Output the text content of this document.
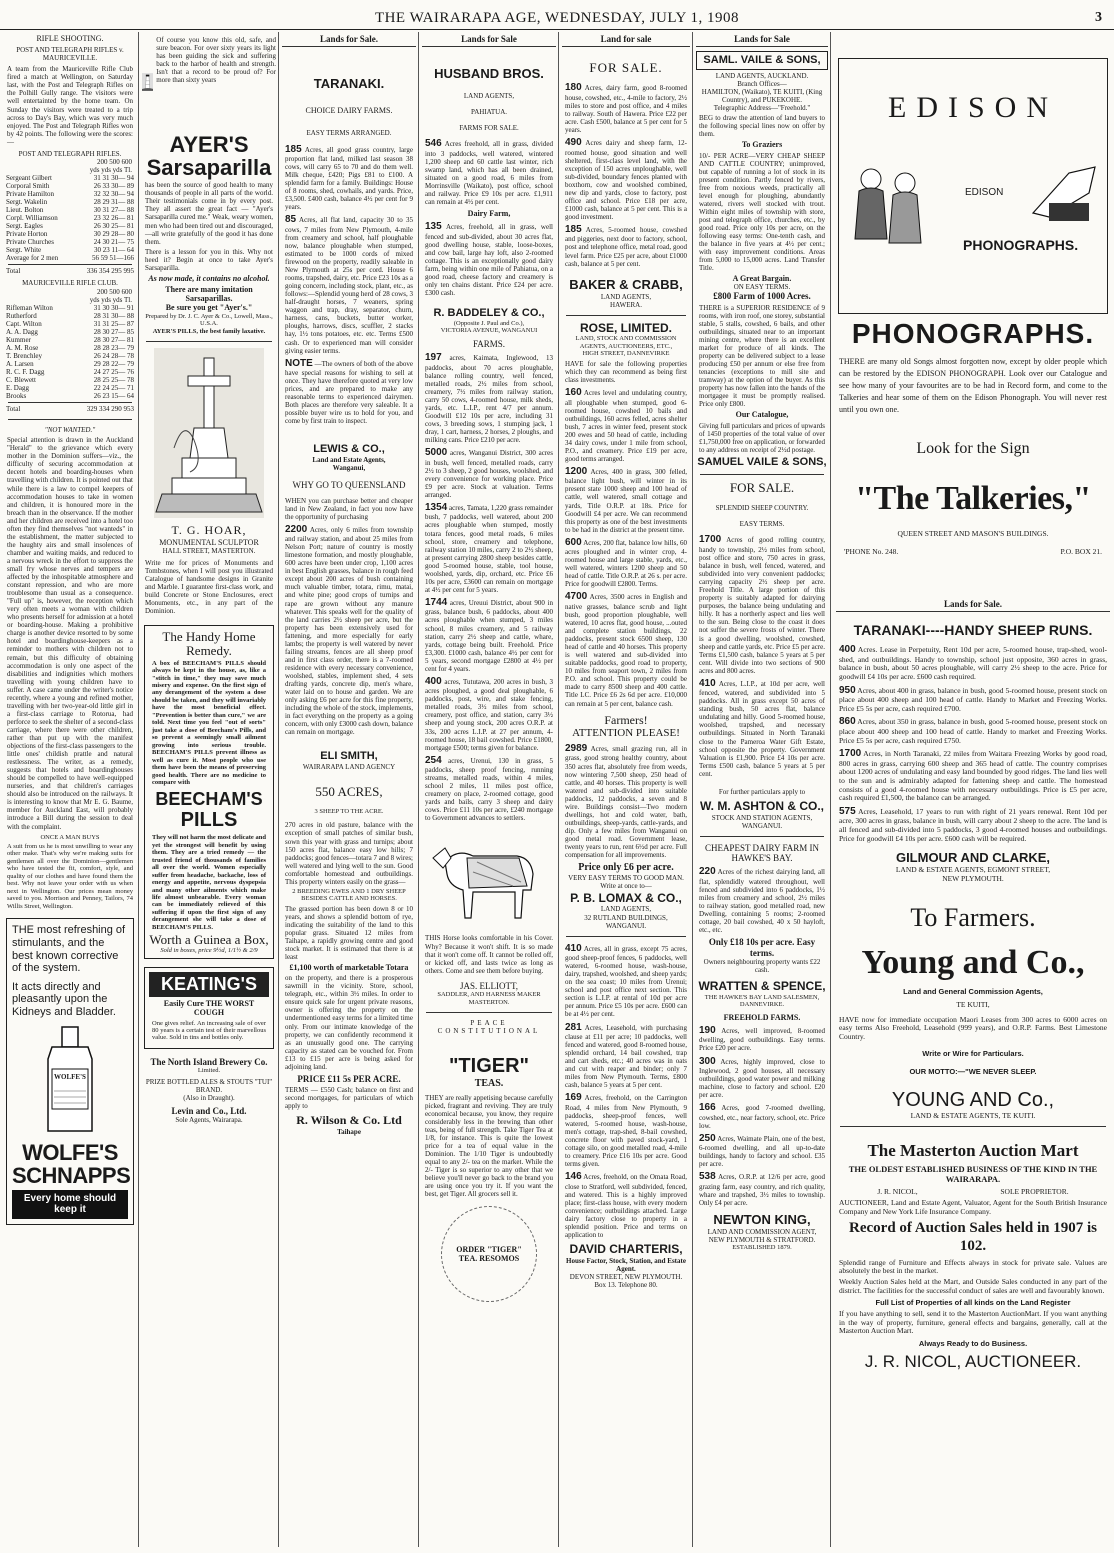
THE WAIRARAPA AGE, WEDNESDAY, JULY 1, 1908	3
RIFLE SHOOTING.
POST AND TELEGRAPH RIFLES v. MAURICEVILLE.

A team from the Mauriceville Rifle Club fired a match at Wellington, on Saturday last, with the Post and Telegraph Rifles on the Polhill Gully range. The visitors were well entertainted by the home team. On Sunday the visitors were treated to a trip across to Day's Bay, which was very much enjoyed. The Post and Telegraph Rifles won by 42 points. The following were the scores:—

POST AND TELEGRAPH RIFLES.
200 500 600
yds yds yds Tl.
Sergeant Gilbert	31 31 30— 94
Corporal Smith	26 33 30— 89
Private Hamilton	32 32 30— 94
Sergt. Wakelin	28 29 31— 88
Lieut. Bolton	30 31 27— 88
Corpl. Williamson	23 32 26— 81
Sergt. Eagles	26 30 25— 81
Private Horton	30 29 28— 80
Private Churches	24 30 21— 75
Sergt. White	30 23 11— 64
Average for 2 men	56 59 51—166
Total	336 354 295 995
MAURICEVILLE RIFLE CLUB.
200 500 600
yds yds yds Tl.
Rifleman Wilton	31 30 30— 91
Rutherford	28 31 30— 88
Capt. Wilton	31 31 25— 87
A. A. Dagg	28 30 27— 85
Kummer	28 30 27— 81
A. M. Rose	28 28 23— 79
T. Brenchley	26 24 28— 78
A. Larsen	29 28 22— 79
R. C. F. Dagg	24 27 25— 76
C. Blewett	28 25 25— 78
E. Dagg	22 24 25— 71
Brooks	26 23 15— 64
Total	329 334 290 953
"NOT WANTED."

Special attention is drawn in the Auckland "Herald" to the grievance which every mother in the Dominion suffers—viz., the difficulty of securing accommodation at decent hotels and boarding-houses when travelling with children. It is pointed out that while there is a law to compel keepers of accommodation houses to take in women and children, it is honoured more in the breach than in the observance. If the mother and her children are received into a hotel too often they find themselves "not wanteds" in the establishment, the matter subjected to the haughty airs and small insolences of chamber and waiting maids, and reduced to a nervous wreck in the effort to suppress the small fry whose nerves and tempers are affected by the inhospitable atmosphere and constant repression, and who are more troublesome than usual as a consequence. "Full up" is, however, the reception which very often meets a woman with children who presents herself for admission at a hotel or boarding-house. Making a prohibitive charge is another device resorted to by some hotel and boardinghouse-keepers as a reminder to mothers with children not to remain, but this difficulty of obtaining accommodation is only one aspect of the disabilities and indignities which mothers travelling with young children have to suffer. A case came under the writer's notice recently, where a young and refined mother, travelling with her two-year-old little girl in a first-class carriage to Rotorua, had perforce to seek the shelter of a second-class carriage, where there were other children, rather than put up with the manifest objections of the first-class passengers to the little ones' childish prattle and natural restlessness. The writer, as a remedy, suggests that hotels and boardinghouses should be compelled to have well-equipped nurseries, and that children's carriages should also be introduced on the railways. It is interesting to know that Mr E. G. Baume, member for Auckland East, will probably introduce a Bill during the session to deal with the complaint.

ONCE A MAN BUYS

A suit from us he is most unwilling to wear any other make. That's why we're making suits for gentlemen all over the Dominion—gentlemen who have tested the fit, comfort, style, and quality of our clothes and have found them the best. Why not leave your order with us when next in Wellington. Our prices mean money saved to you. Morrison and Penney, Tailors, 74 Willis Street, Wellington.

THE most refreshing of stimulants, and the best known corrective of the system.
It acts directly and pleasantly upon the Kidneys and Bladder.
WOLFE'S
WOLFE'S SCHNAPPS
Every home should keep it
Of course you know this old, safe, and sure beacon. For over sixty years its light has been guiding the sick and suffering back to the harbor of health and strength. Isn't that a record to be proud of? For more than sixty years
AYER'S
Sarsaparilla

has been the source of good health to many thousands of people in all parts of the world. Their testimonials come in by every post. They all assert the great fact — "Ayer's Sarsaparilla cured me." Weak, weary women, men who had been tired out and discouraged,—all write gratefully of the good it has done them.

There is a lesson for you in this. Why not heed it? Begin at once to take Ayer's Sarsaparilla.

As now made, it contains no alcohol.
There are many imitation Sarsaparillas.
Be sure you get "Ayer's."
Prepared by Dr. J. C. Ayer & Co., Lowell, Mass., U.S.A.
AYER'S PILLS, the best family laxative.
T. G. HOAR,
MONUMENTAL SCULPTOR
HALL STREET, MASTERTON.

Write me for prices of Monuments and Tombstones, when I will post you illustrated Catalogue of handsome designs in Granite and Marble. I guarantee first-class work, and build Concrete or Stone Enclosures, erect Monuments, etc., in any part of the Dominion.

The Handy Home Remedy.

A box of BEECHAM'S PILLS should always be kept in the house, as, like a "stitch in time," they may save much misery and expense. On the first sign of any derangement of the system a dose should be taken, and they will invariably have the most beneficial effect. "Prevention is better than cure," we are told. Next time you feel "out of sorts" just take a dose of Beecham's Pills, and so prevent a seemingly small ailment growing into serious trouble. BEECHAM'S PILLS prevent illness as well as cure it. Most people who use them have been the means of preserving good health. There are no medicine to compare with

BEECHAM'S
PILLS

They will not harm the most delicate and yet the strongest will benefit by using them. They are a tried remedy — the trusted friend of thousands of families all over the world. Women especially suffer from headache, backache, loss of energy and appetite, nervous dyspepsia and many other ailments which make life almost unbearable. Every woman can be immediately relieved of this suffering if upon the first sign of any derangement she will take a dose of BEECHAM'S PILLS.

Worth a Guinea a Box,
Sold in boxes, price 9½d, 1/1½ & 2/9
KEATING'S
Easily Cure THE WORST COUGH

One gives relief. An increasing sale of over 80 years is a certain test of their marvellous value. Sold in tins and bottles only.

The North Island Brewery Co.
Limited.
PRIZE BOTTLED ALES & STOUTS "TUI" BRAND.
(Also in Draught).
Levin and Co., Ltd.
Sole Agents, Wairarapa.
Lands for Sale.
TARANAKI.
CHOICE DAIRY FARMS.
EASY TERMS ARRANGED.
185 Acres, all good grass country, large proportion flat land, milked last season 38 cows, will carry 65 to 70 and do them well. Milk cheque, £420; Pigs £81 to £100. A splendid farm for a family. Buildings: House of 8 rooms, shed, cowhails, and yards. Price, £3,500. £400 cash, balance 4½ per cent for 9 years.
85 Acres, all flat land, capacity 30 to 35 cows, 7 miles from New Plymouth, 4-mile from creamery and school, half ploughable now, balance ploughable when stumped, estimated to be 1000 cords of mixed firewood on the property, readily saleable in New Plymouth at 25s per cord. House 6 rooms, trapshed, dairy, etc. Price £23 10s as a going concern, including stock, plant, etc., as follows:—Splendid young herd of 28 cows, 3 half-draught horses, 7 weaners, spring waggon and trap, dray, separator, churn, harness, cans, buckets, butter worker, ploughs, harrows, discs, scuffler, 2 stacks hay, 1½ tons potatoes, etc. etc. Terms £500 cash. Or to experienced man will consider giving easier terms.
NOTE —The owners of both of the above have special reasons for wishing to sell at once. They have therefore quoted at very low prices, and are prepared to make any reasonable terms to experienced dairymen. Both places are therefore very saleable. It a possible buyer wire us to hold for you, and come by first train to inspect.
LEWIS & CO.,
Land and Estate Agents,
Wanganui,
WHY GO TO QUEENSLAND

WHEN you can purchase better and cheaper land in New Zealand, in fact you now have the opportunity of purchasing

2200 Acres, only 6 miles from township and railway station, and about 25 miles from Nelson Port; nature of country is mostly limestone formation, and mostly ploughable, 600 acres have been under crop, 1,100 acres in best English grasses, balance in rough feed except about 200 acres of bush containing much valuable timber, totara, rimu, matai, and white pine; good crops of turnips and rape are grown without any manure whatever. This speaks well for the quality of the land carries 2½ sheep per acre, but the property has been extensively used for fattening, and more especially for early lambs; the property is well watered by never failing streams, fences are all sheep proof and in first class order, there is a 7-roomed residence with every necessary convenience, woolshed, stables, implement shed, 4 sets drafting yards, concrete dip, men's whare, water laid on to house and garden. We are only asking £6 per acre for this fine property, including the whole of the stock, implements, in fact everything on the property as a going concern, with only £3000 cash down, balance can remain on mortgage.
ELI SMITH,
WAIRARAPA LAND AGENCY
550 ACRES,
3 SHEEP TO THE ACRE.

270 acres in old pasture, balance with the exception of small patches of similar bush, sown this year with grass and turnips; about 150 acres flat, balance easy low hills; 7 paddocks; good fences—totara 7 and 8 wires; well watered and lying well to the sun. Good comfortable homestead and outbuildings. This property winters easily on the grass—

2 BREEDING EWES AND 1 DRY SHEEP BESIDES CATTLE AND HORSES.

The grassed portion has been down 8 or 10 years, and shows a splendid bottom of rye, indicating the suitability of the land to this popular grass. Situated 12 miles from Taihape, a rapidly growing centre and good stock market. It is estimated that there is at least

£1,100 worth of marketable Totara

on the property, and there is a prosperous sawmill in the vicinity. Store, school, telegraph, etc., within 3½ miles. In order to ensure quick sale for urgent private reasons, owner is offering the property on the undermentioned easy terms for a limited time only. From our intimate knowledge of the property, we can confidently recommend it as an unusually good one. The carrying capacity as stated can be vouched for. From £13 to £15 per acre is being asked for adjoining land.

PRICE £11 5s PER ACRE.

TERMS — £550 Cash; balance on first and second mortgages, for particulars of which apply to

R. Wilson & Co. Ltd
Taihape
Lands for Sale
HUSBAND BROS.
LAND AGENTS,
PAHIATUA.
FARMS FOR SALE.
546 Acres freehold, all in grass, divided into 3 paddocks, well watered, wintered 1,200 sheep and 60 cattle last winter, rich swamp land, which has all been drained, situated on a good road, 6 miles from Morrinsville (Waikato), post office, school and railway. Price £9 10s per acre. £1,911 can remain at 4½ per cent.
Dairy Farm,
135 Acres, freehold, all in grass, well fenced and sub-divided, about 30 acres flat, good dwelling house, stable, loose-boxes, and cow bail, large hay loft, also 2-roomed cottage. This is an exceptionally good dairy farm, being within one mile of Pahiatua, on a good road, cheese factory and creamery is only ten chains distant. Price £24 per acre. £300 cash.
R. BADDELEY & CO.,
(Opposite J. Paul and Co.),
VICTORIA AVENUE, WANGANUI
FARMS.
197 acres, Kaimata, Inglewood, 13 paddocks, about 70 acres ploughable, balance rolling country, well fenced, metalled roads, 2½ miles from school, creamery, 7½ miles from railway station, carry 50 cows, 4-roomed house, milk sheds, yards, etc. L.I.P., rent 4/7 per annum. Goodwill £12 10s per acre, including 31 cows, 3 breeding sows, 1 stumping jack, 1 dray, 1 cart, harness, 2 horses, 2 ploughs, and milking cans. Price £210 per acre.
5000 acres, Wanganui District, 300 acres in bush, well fenced, metalled roads, carry 2½ to 3 sheep, 2 good houses, woolshed, and every convenience for working place. Price £9 per acre. Stock at valuation. Terms arranged.
1354 acres, Tamata, 1,220 grass remainder bush, 7 paddocks, well watered, about 200 acres ploughable when stumped, mostly totara fences, good metal roads, 6 miles school, store, creamery and telephone, railway station 10 miles, carry 2 to 2½ sheep, at present carrying 2800 sheep besides cattle, good 5-roomed house, stable, tool house, woolshed, yards, dip, orchard, etc. Price £6 10s per acre, £3600 can remain on mortgage at 4½ per cent for 5 years.
1744 acres, Ureuui District, about 900 in grass, balance bush, 6 paddocks, about 400 acres ploughable when stumped, 3 miles school, 8 miles creamery, and 5 railway station, carry 2½ sheep and cattle, whare, yards, cottage being built. Freehold. Price £3,300. £1000 cash, balance 4½ per cent for 5 years, second mortgage £2800 at 4½ per cent for 4 years.
400 acres, Tututawa, 200 acres in bush, 3 acres ploughed, a good deal ploughable, 6 paddocks, post, wire, and stake fencing, metalled roads, 3½ miles from school, creamery, post office, and station, carry 3½ sheep and young stock, 200 acres O.R.P. at 33s, 200 acres L.I.P. at 27 per annum, 4-roomed house, 18 bail cowshed. Price £1800, mortgage £500; terms given for balance.
254 acres, Urenui, 130 in grass, 5 paddocks, sheep proof fencing, running streams, metalled roads, within 4 miles, school 2 miles, 11 miles post office, creamery on place, 2-roomed cottage, good yards and bails, carry 3 sheep and dairy cows. Price £11 10s per acre, £240 mortgage to Government advances to settlers.

THIS Horse looks comfortable in his Cover. Why? Because it won't shift. It is so made that it won't come off. It cannot be rolled off, or kicked off, and lasts twice as long as others. Come and see them before buying.

JAS. ELLIOTT,
SADDLER, AND HARNESS MAKER
MASTERTON.
PEACE CONSTITUTIONAL
"TIGER"
TEAS.

THEY are really appetising because carefully picked, fragrant and reviving. They are truly economical because, you know, they require considerably less in the brewing than other teas, being of full strength. Take Tiger Tea at 1/8, for instance. This is quite the lowest price for a tea of equal value in the Dominion. The 1/10 Tiger is undoubtedly equal to any 2/- tea on the market. While the 2/- Tiger is so superior to any other that we believe you'll never go back to the brand you are using once you try it. If you want the best, get Tiger. All grocers sell it.

ORDER "TIGER" TEA. RESOMOS
Land for sale
FOR SALE.
180 Acres, dairy farm, good 8-roomed house, cowshed, etc., 4-mile to factory, 2½ miles to store and post office, and 4 miles to railway. South of Hawera. Price £22 per acre. Cash £500, balance at 5 per cent for 5 years.
490 Acres dairy and sheep farm, 12-roomed house, good situation and well sheltered, first-class level land, with the exception of 150 acres unploughable, well sub-divided, boundary fences planted with boxthorn, cow and woolshed combined, new dip and yards, close to factory, post office and school. Price £18 per acre, £1000 cash, balance at 5 per cent. This is a good investment.
185 Acres, 5-roomed house, cowshed and piggeries, next door to factory, school, post and telephone office, metal road, good level farm. Price £25 per acre, about £1000 cash, balance at 5 per cent.
BAKER & CRABB,
LAND AGENTS,
HAWERA.
ROSE, LIMITED.
LAND, STOCK AND COMMISSION AGENTS, AUCTIONEERS, ETC.,
HIGH STREET, DANNEVIRKE

HAVE for sale the following properties which they can recommend as being first class investments.

160 Acres level and undulating country, all ploughable when stumped, good 6-roomed house, cowshed 10 bails and outbuildings, 160 acres felled, acres shelter bush, 7 acres in winter feed, present stock 200 ewes and 50 head of cattle, including 34 dairy cows, under 1 mile from school, P.O., and creamery. Price £19 per acre, good terms arranged.
1200 Acres, 400 in grass, 300 felled, balance light bush, will winter in its present state 1000 sheep and 100 head of cattle, well watered, small cottage and yards, Title O.R.P. at 18s. Price for Goodwill £4 per acre. We can recommend this property as one of the best investments to be had in the district at the present time.
600 Acres, 200 flat, balance low hills, 60 acres ploughed and in winter crop, 4-roomed house and large stable, yards, etc., well watered, winters 1200 sheep and 50 head of cattle. Title O.R.P. at 26 s. per acre. Price for goodwill £2800. Terms.
4700 Acres, 3500 acres in English and native grasses, balance scrub and light bush, good proportion ploughable, well watered, 10 acres flat, good house, ...outed and complete station buildings, 22 paddocks, present stock 6500 sheep, 130 head of cattle and 40 horses. This property is well watered and sub-divided into suitable paddocks, good road to property, 10 miles from seaport town, 2 miles from P.O. and school. This property could be made to carry 8500 sheep and 400 cattle. Title LC. Price £6 2s 6d per acre. £10,000 can remain at 5 per cent, balance cash.
Farmers!
ATTENTION PLEASE!
2989 Acres, small grazing run, all in grass, good strong healthy country, about 350 acres flat, absolutely free from weeds, now wintering 7,500 sheep, 250 head of cattle, and 40 horses. This property is well watered and sub-divided into suitable paddocks, 12 paddocks, a seven and 8 wire. Buildings consist—Two modern dwellings, hot and cold water, bath, outbuildings, sheep-yards, cattle-yards, and dip. Only a few miles from Wanganui on good metal road. Government lease, twenty years to run, rent 6½d per acre. Full compensation for all improvements.
Price only £6 per acre.
VERY EASY TERMS TO GOOD MAN.
Write at once to—
P. B. LOMAX & CO.,
LAND AGENTS,
32 RUTLAND BUILDINGS,
WANGANUI.
410 Acres, all in grass, except 75 acres, good sheep-proof fences, 6 paddocks, well watered, 6-roomed house, wash-house, dairy, trapshed, woolshed, and sheep yards; on the sea coast; 10 miles from Urenui; school and post office next section. This section is L.I.P. at rental of 10d per acre per annum. Price £5 10s per acre. £600 can be at 4½ per cent.
281 Acres, Leasehold, with purchasing clause at £11 per acre; 10 paddocks, well fenced and watered, good 8-roomed house, splendid orchard, 14 bail cowshed, trap and cart sheds, etc.; 40 acres was in oats and cut with reaper and binder; only 7 miles from New Plymouth. Terms, £800 cash, balance 5 years at 5 per cent.
169 Acres, freehold, on the Carrington Road, 4 miles from New Plymouth, 9 paddocks, sheep-proof fences, well watered, 5-roomed house, wash-house, men's cottage, trap-shed, 8-bail cowshed, concrete floor with paved stock-yard, 1 cottage silo, on good metalled road, 4-mile to creamery. Price £16 10s per acre. Good terms given.
146 Acres, freehold, on the Omata Road, close to Stratford, well subdivided, fenced, and watered. This is a highly improved place; first-class house, with every modern convenience; outbuildings attached. Large dairy factory close to property in a splendid position. Price and terms on application to
DAVID CHARTERIS,
House Factor, Stock, Station, and Estate Agent.
DEVON STREET, NEW PLYMOUTH.
Box 13. Telephone 80.
Lands for Sale
SAML. VAILE & SONS,
LAND AGENTS, AUCKLAND.
Branch Offices—
HAMILTON, (Waikato), TE KUITI, (King Country), and PUKEKOHE.
Telegraphic Address—"Freehold."

BEG to draw the attention of land buyers to the following special lines now on offer by them.

To Graziers

10/- PER ACRE—VERY CHEAP SHEEP AND CATTLE COUNTRY; unimproved, but capable of running a lot of stock in its present condition. Partly fenced by rivers, free from noxious weeds, practically all level enough for ploughing, abundantly watered, rivers well stocked with trout. Within eight miles of township with store, post and telegraph office, churches, etc., by good road. Price only 10s per acre, on the following easy terms: One-tenth cash, and the balance in five years at 4½ per cent.; with easy improvement conditions. Areas from 5,000 to 15,000 acres. Land Transfer Title.

A Great Bargain.
ON EASY TERMS.
£800 Farm of 1000 Acres.

THERE is a SUPERIOR RESIDENCE of 9 rooms, with iron roof, one storey, substantial stable, 5 stalls, cowshed, 6 bails, and other outbuildings, situated near to an important mining centre, where there is an excellent market for produce of all kinds. The property can be delivered subject to a lease producing £50 per annum or else free from tenancies (exceptions to mill site and tramway) at the option of the buyer. As this property has now fallen into the hands of the mortgagee it must be promptly realised. Price only £800.

Our Catalogue,

Giving full particulars and prices of upwards of 1450 properties of the total value of over £1,750,000 free on application, or forwarded to any address on receipt of 2½d postage.

SAMUEL VAILE & SONS,
FOR SALE.
SPLENDID SHEEP COUNTRY.
EASY TERMS.
1700 Acres of good rolling country, handy to township, 2½ miles from school, post office and store, 750 acres in grass, balance in bush, well fenced, watered, and subdivided into very convenient paddocks; carrying capacity 2½ sheep per acre. Freehold Title. A large portion of this property is suitably adapted for dairying purposes, the balance being undulating and hilly. It has a northerly aspect and lies well to the sun. Being close to the coast it does not suffer the severe frosts of winter. There is a good dwelling, woolshed, cowshed, sheep and cattle yards, etc. Price £5 per acre. Terms £1,500 cash, balance 5 years at 5 per cent. Will divide into two sections of 900 acres and 800 acres.
410 Acres, L.I.P., at 10d per acre, well fenced, watered, and subdivided into 5 paddocks. All in grass except 50 acres of standing bush, 50 acres flat, balance undulating and hilly. Good 5-roomed house, woolshed, trapshed, and necessary outbuildings. Situated in North Taranaki close to the Pameroa Water Gift Estate, school opposite the property. Government Valuation is £1,900. Price £4 10s per acre. Terms £500 cash, balance 5 years at 5 per cent.
For further particulars apply to
W. M. ASHTON & CO.,
STOCK AND STATION AGENTS,
WANGANUI.
CHEAPEST DAIRY FARM IN HAWKE'S BAY.
220 Acres of the richest dairying land, all flat, splendidly watered throughout, well fenced and subdivided into 6 paddocks, 1½ miles from creamery and school, 2½ miles to railway station, good metalled road, new Dwelling, containing 5 rooms; 2-roomed cottage, 20 bail cowshed, 40 x 50 hayloft, etc., etc.
Only £18 10s per acre. Easy terms.
Owners neighbouring property wants £22 cash.
WRATTEN & SPENCE,
THE HAWKE'S BAY LAND SALESMEN, DANNEVIRKE.
FREEHOLD FARMS.
190 Acres, well improved, 8-roomed dwelling, good outbuildings. Easy terms. Price £20 per acre.
300 Acres, highly improved, close to Inglewood, 2 good houses, all necessary outbuildings, good water power and milking machine, close to factory and school. £20 per acre.
166 Acres, good 7-roomed dwelling, cowshed, etc., near factory, school, etc. Price low.
250 Acres, Waimate Plain, one of the best, 6-roomed dwelling, and all up-to-date buildings, handy to factory and school. £35 per acre.
538 Acres, O.R.P. at 12/6 per acre, good grazing farm, easy country, and rich quality, whare and trapshed, 3½ miles to township. Only £4 per acre.
NEWTON KING,
LAND AND COMMISSION AGENT,
NEW PLYMOUTH & STRATFORD.
ESTABLISHED 1879.
EDISON
EDISON
PHONOGRAPHS.
PHONOGRAPHS.

THERE are many old Songs almost forgotten now, except by older people which can be restored by the EDISON PHONOGRAPH. Look over our Catalogue and see how many of your favourites are to be had in Record form, and come to the Talkeries and hear some of them on the Edison Phonograph. You will never rest until you own one.

Look for the Sign
"The Talkeries,"
QUEEN STREET AND MASON'S BUILDINGS.
'PHONE No. 248.	P.O. BOX 21.
Lands for Sale.
TARANAKI----HANDY SHEEP RUNS.
400 Acres. Lease in Perpetuity, Rent 10d per acre, 5-roomed house, trap-shed, wool-shed, and outbuildings. Handy to township, school just opposite, 360 acres in grass, balance in bush, about 50 acres ploughable, will carry 2½ sheep to the acre. Price for goodwill £4 10s per acre. £600 cash required.
950 Acres, about 400 in grass, balance in bush, good 5-roomed house, present stock on place about 400 sheep and 100 head of cattle. Handy to Market and Freezing Works. Price £5 5s per acre, cash required £700.
860 Acres, about 350 in grass, balance in bush, good 5-roomed house, present stock on place about 400 sheep and 100 head of cattle. Handy to market and Freezing Works. Price £5 5s per acre, cash required £750.
1700 Acres, in North Taranaki, 22 miles from Waitara Freezing Works by good road, 800 acres in grass, carrying 600 sheep and 365 head of cattle. The country comprises about 1200 acres of undulating and easy land bounded by good ridges. The land lies well to the sun and is admirably adapted for fattening sheep and cattle. The homestead consists of a good 4-roomed house with necessary outbuildings. Price is £5 per acre, cash required £1,500, the balance can be arranged.
575 Acres, Leasehold, 17 years to run with right of 21 years renewal. Rent 10d per acre, 300 acres in grass, balance in bush, will carry about 2 sheep to the acre. The land is all fenced and sub-divided into 5 paddocks, 3 good 4-roomed houses and outbuildings. Price for goodwill £4 10s per acre. £600 cash will be required.
GILMOUR AND CLARKE,
LAND & ESTATE AGENTS, EGMONT STREET,
NEW PLYMOUTH.
To Farmers.
Young and Co.,
Land and General Commission Agents,
TE KUITI,

HAVE now for immediate occupation Maori Leases from 300 acres to 6000 acres on easy terms Also Freehold, Leasehold (999 years), and O.R.P. Farms. Best Limestone Country.

Write or Wire for Particulars.
OUR MOTTO:—"WE NEVER SLEEP.
YOUNG AND Co.,
LAND & ESTATE AGENTS, TE KUITI.
The Masterton Auction Mart
THE OLDEST ESTABLISHED BUSINESS OF THE KIND IN THE WAIRARAPA.
J. R. NICOL,	SOLE PROPRIETOR.

AUCTIONEER, Land and Estate Agent, Valuator, Agent for the South British Insurance Company and New York Life Insurance Company.

Record of Auction Sales held in 1907 is 102.

Splendid range of Furniture and Effects always in stock for private sale. Values are absolutely the best in the market.

Weekly Auction Sales held at the Mart, and Outside Sales conducted in any part of the district. The facilities for the successful conduct of sales are well and favourably known.

Full List of Properties of all kinds on the Land Register

If you have anything to sell, send it to the Masterton AuctionMart. If you want anything in the way of property, furniture, general effects and bargains, generally, call at the Masterton Auction Mart.

Always Ready to do Business.
J. R. NICOL, AUCTIONEER.
